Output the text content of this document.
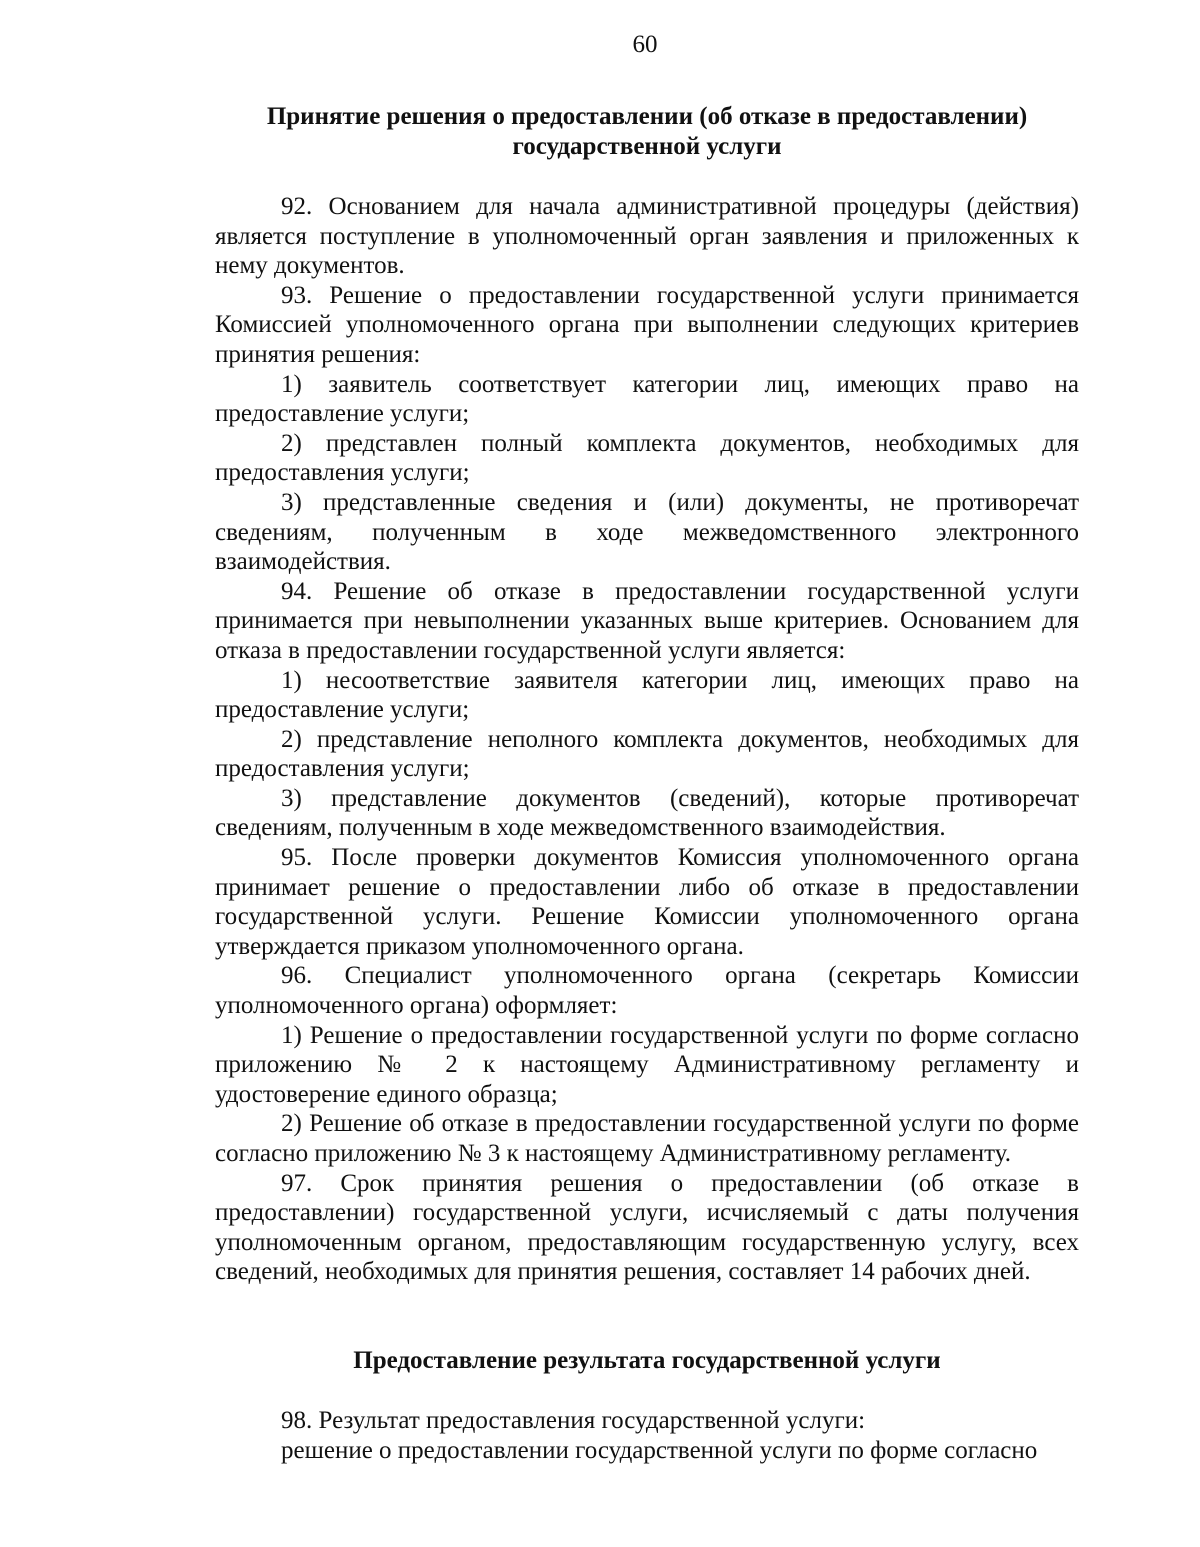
60
Принятие решения о предоставлении (об отказе в предоставлении)
государственной услуги

92. Основанием для начала административной процедуры (действия) является поступление в уполномоченный орган заявления и приложенных к нему документов.

93. Решение о предоставлении государственной услуги принимается Комиссией уполномоченного органа при выполнении следующих критериев принятия решения:

1) заявитель соответствует категории лиц, имеющих право на предоставление услуги;

2) представлен полный комплекта документов, необходимых для предоставления услуги;

3) представленные сведения и (или) документы, не противоречат сведениям, полученным в ходе межведомственного электронного взаимодействия.

94. Решение об отказе в предоставлении государственной услуги принимается при невыполнении указанных выше критериев. Основанием для отказа в предоставлении государственной услуги является:

1) несоответствие заявителя категории лиц, имеющих право на предоставление услуги;

2) представление неполного комплекта документов, необходимых для предоставления услуги;

3) представление документов (сведений), которые противоречат сведениям, полученным в ходе межведомственного взаимодействия.

95. После проверки документов Комиссия уполномоченного органа принимает решение о предоставлении либо об отказе в предоставлении государственной услуги. Решение Комиссии уполномоченного органа утверждается приказом уполномоченного органа.

96. Специалист уполномоченного органа (секретарь Комиссии уполномоченного органа) оформляет:

1) Решение о предоставлении государственной услуги по форме согласно приложению № 2 к настоящему Административному регламенту и удостоверение единого образца;

2) Решение об отказе в предоставлении государственной услуги по форме согласно приложению № 3 к настоящему Административному регламенту.

97. Срок принятия решения о предоставлении (об отказе в предоставлении) государственной услуги, исчисляемый с даты получения уполномоченным органом, предоставляющим государственную услугу, всех сведений, необходимых для принятия решения, составляет 14 рабочих дней.

Предоставление результата государственной услуги

98. Результат предоставления государственной услуги:

решение о предоставлении государственной услуги по форме согласно
